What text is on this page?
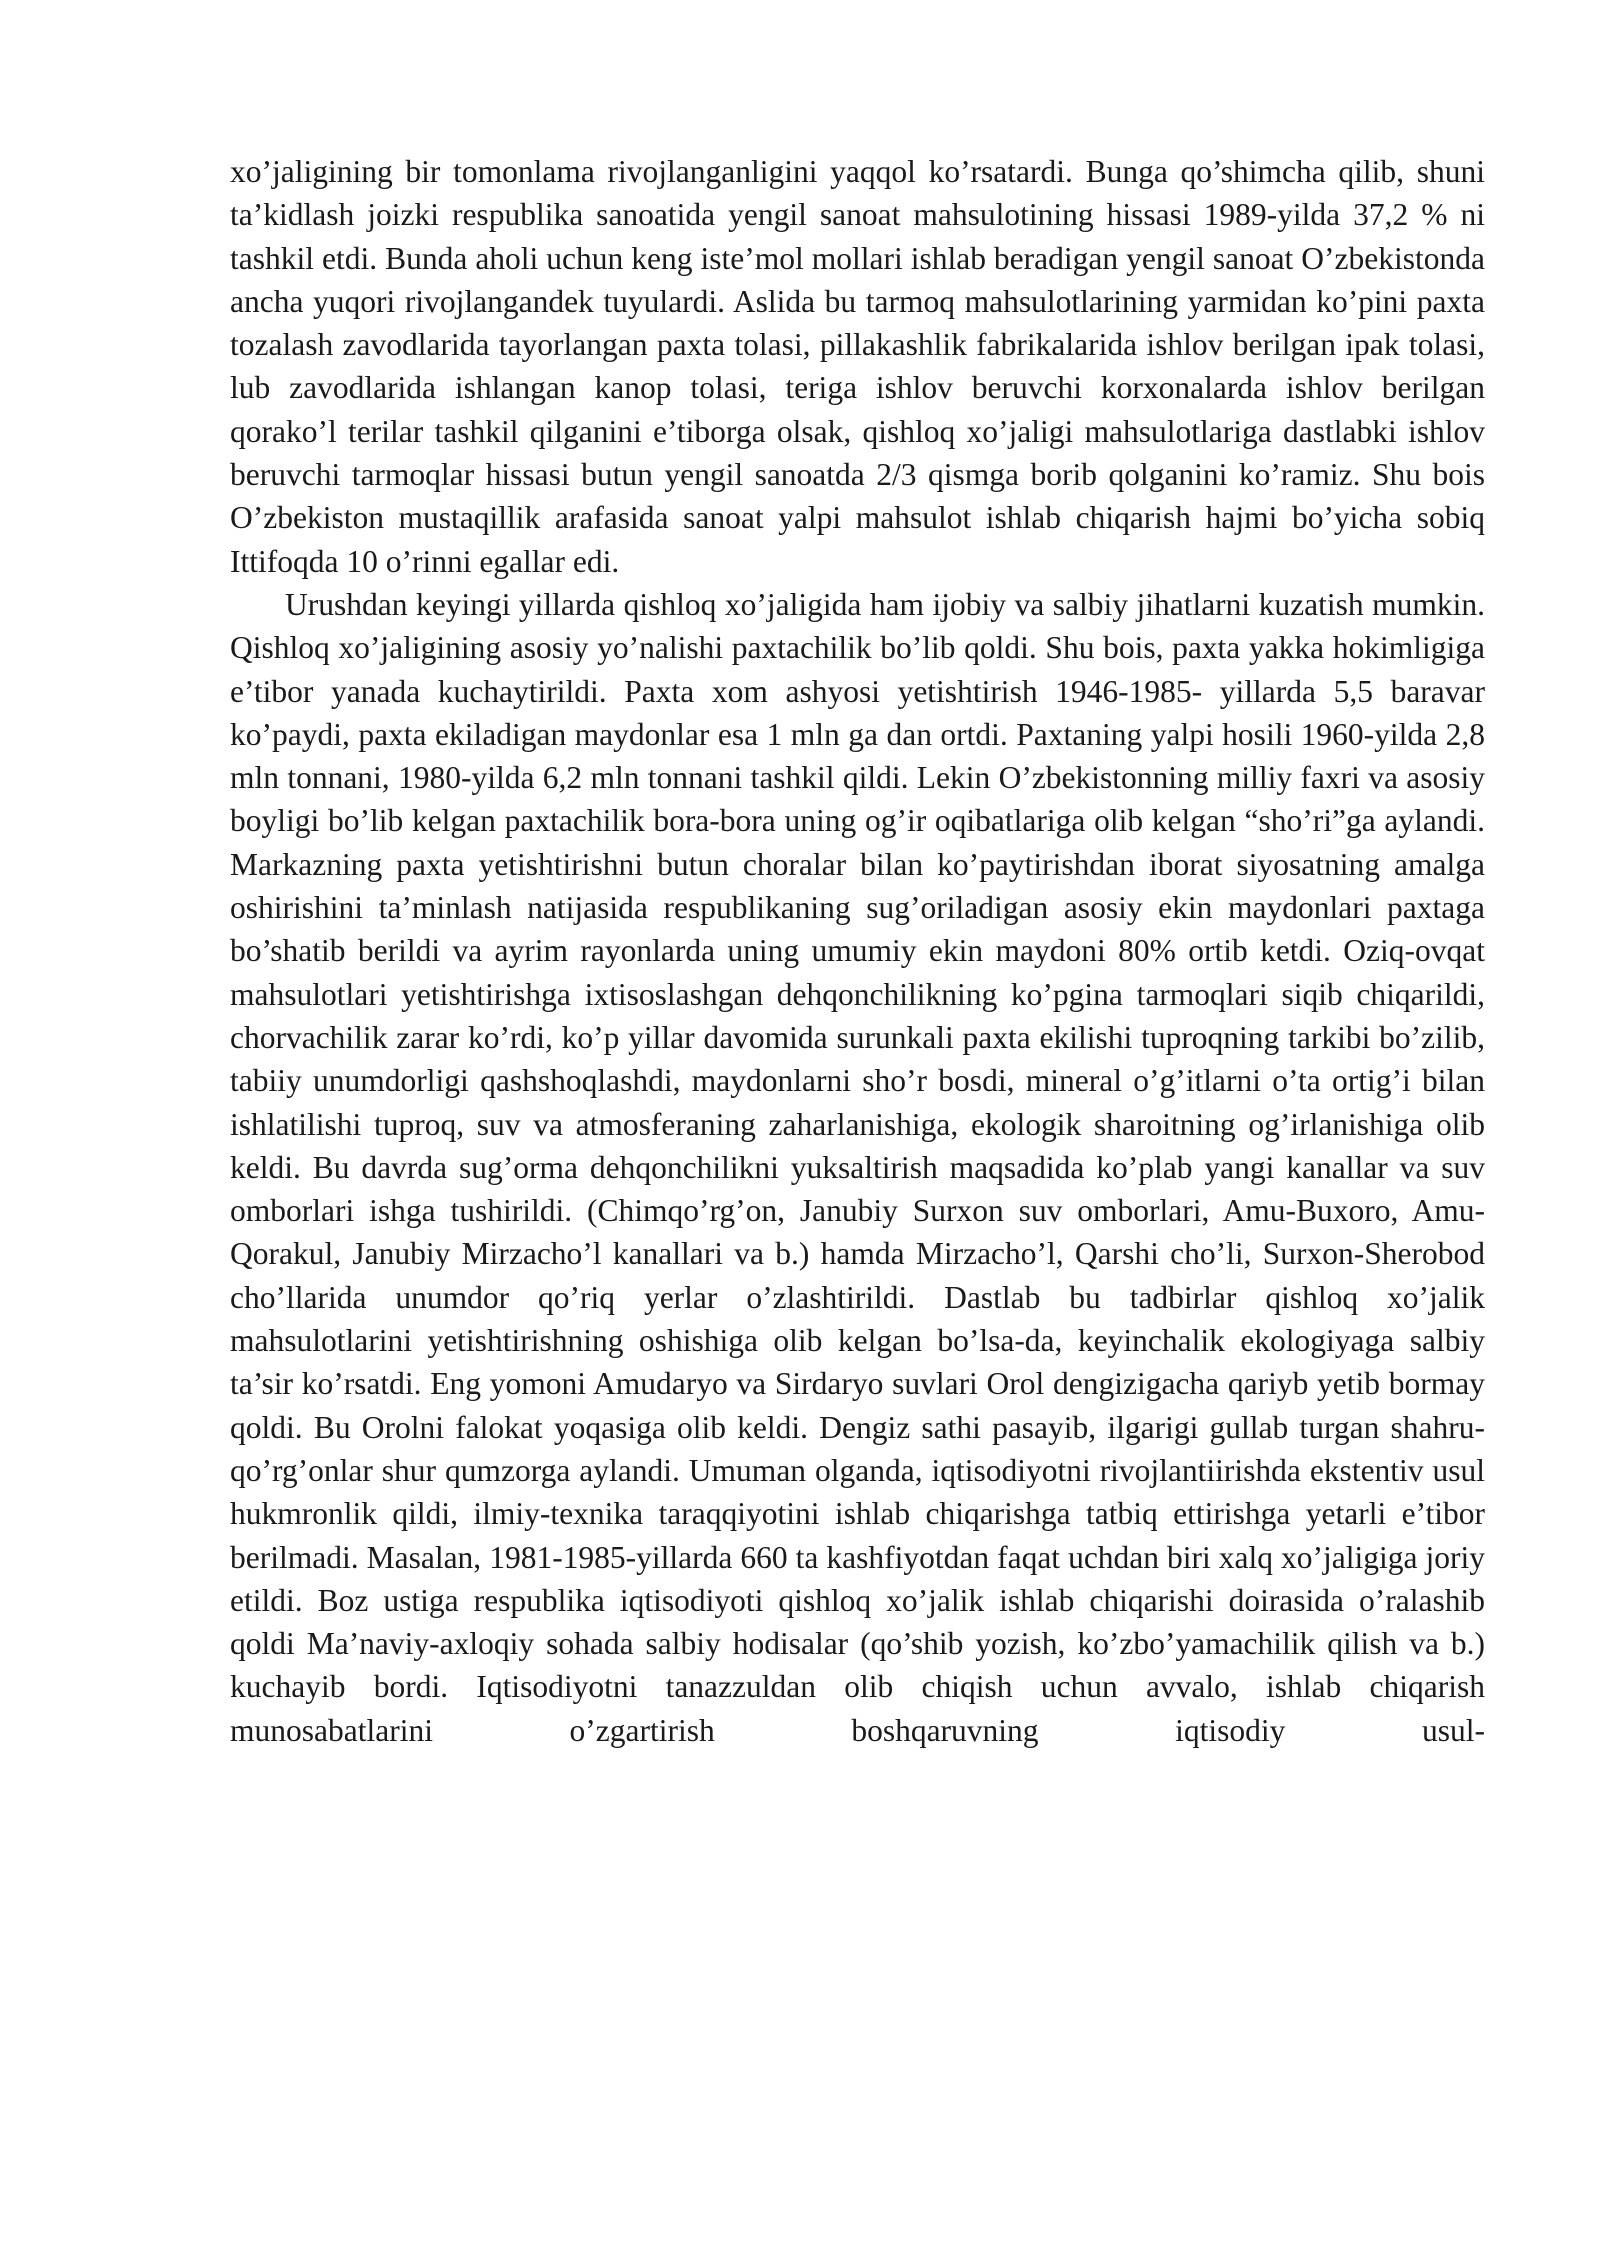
xo’jaligining bir tomonlama rivojlanganligini yaqqol ko’rsatardi. Bunga qo’shimcha qilib, shuni ta’kidlash joizki respublika sanoatida yengil sanoat mahsulotining hissasi 1989-yilda 37,2 % ni tashkil etdi. Bunda aholi uchun keng iste’mol mollari ishlab beradigan yengil sanoat O’zbekistonda ancha yuqori rivojlangandek tuyulardi. Aslida bu tarmoq mahsulotlarining yarmidan ko’pini paxta tozalash zavodlarida tayorlangan paxta tolasi, pillakashlik fabrikalarida ishlov berilgan ipak tolasi, lub zavodlarida ishlangan kanop tolasi, teriga ishlov beruvchi korxonalarda ishlov berilgan qorako’l terilar tashkil qilganini e’tiborga olsak, qishloq xo’jaligi mahsulotlariga dastlabki ishlov beruvchi tarmoqlar hissasi butun yengil sanoatda 2/3 qismga borib qolganini ko’ramiz. Shu bois O’zbekiston mustaqillik arafasida sanoat yalpi mahsulot ishlab chiqarish hajmi bo’yicha sobiq Ittifoqda 10 o’rinni egallar edi.

Urushdan keyingi yillarda qishloq xo’jaligida ham ijobiy va salbiy jihatlarni kuzatish mumkin. Qishloq xo’jaligining asosiy yo’nalishi paxtachilik bo’lib qoldi. Shu bois, paxta yakka hokimligiga e’tibor yanada kuchaytirildi. Paxta xom ashyosi yetishtirish 1946-1985- yillarda 5,5 baravar ko’paydi, paxta ekiladigan maydonlar esa 1 mln ga dan ortdi. Paxtaning yalpi hosili 1960-yilda 2,8 mln tonnani, 1980-yilda 6,2 mln tonnani tashkil qildi. Lekin O’zbekistonning milliy faxri va asosiy boyligi bo’lib kelgan paxtachilik bora-bora uning og’ir oqibatlariga olib kelgan “sho’ri”ga aylandi. Markazning paxta yetishtirishni butun choralar bilan ko’paytirishdan iborat siyosatning amalga oshirishini ta’minlash natijasida respublikaning sug’oriladigan asosiy ekin maydonlari paxtaga bo’shatib berildi va ayrim rayonlarda uning umumiy ekin maydoni 80% ortib ketdi. Oziq-ovqat mahsulotlari yetishtirishga ixtisoslashgan dehqonchilikning ko’pgina tarmoqlari siqib chiqarildi, chorvachilik zarar ko’rdi, ko’p yillar davomida surunkali paxta ekilishi tuproqning tarkibi bo’zilib, tabiiy unumdorligi qashshoqlashdi, maydonlarni sho’r bosdi, mineral o’g’itlarni o’ta ortig’i bilan ishlatilishi tuproq, suv va atmosferaning zaharlanishiga, ekologik sharoitning og’irlanishiga olib keldi. Bu davrda sug’orma dehqonchilikni yuksaltirish maqsadida ko’plab yangi kanallar va suv omborlari ishga tushirildi. (Chimqo’rg’on, Janubiy Surxon suv omborlari, Amu-Buxoro, Amu-Qorakul, Janubiy Mirzacho’l kanallari va b.) hamda Mirzacho’l, Qarshi cho’li, Surxon-Sherobod cho’llarida unumdor qo’riq yerlar o’zlashtirildi. Dastlab bu tadbirlar qishloq xo’jalik mahsulotlarini yetishtirishning oshishiga olib kelgan bo’lsa-da, keyinchalik ekologiyaga salbiy ta’sir ko’rsatdi. Eng yomoni Amudaryo va Sirdaryo suvlari Orol dengizigacha qariyb yetib bormay qoldi. Bu Orolni falokat yoqasiga olib keldi. Dengiz sathi pasayib, ilgarigi gullab turgan shahru-qo’rg’onlar shur qumzorga aylandi. Umuman olganda, iqtisodiyotni rivojlantiirishda ekstentiv usul hukmronlik qildi, ilmiy-texnika taraqqiyotini ishlab chiqarishga tatbiq ettirishga yetarli e’tibor berilmadi. Masalan, 1981-1985-yillarda 660 ta kashfiyotdan faqat uchdan biri xalq xo’jaligiga joriy etildi. Boz ustiga respublika iqtisodiyoti qishloq xo’jalik ishlab chiqarishi doirasida o’ralashib qoldi Ma’naviy-axloqiy sohada salbiy hodisalar (qo’shib yozish, ko’zbo’yamachilik qilish va b.) kuchayib bordi. Iqtisodiyotni tanazzuldan olib chiqish uchun avvalo, ishlab chiqarish munosabatlarini o’zgartirish boshqaruvning iqtisodiy usul-
